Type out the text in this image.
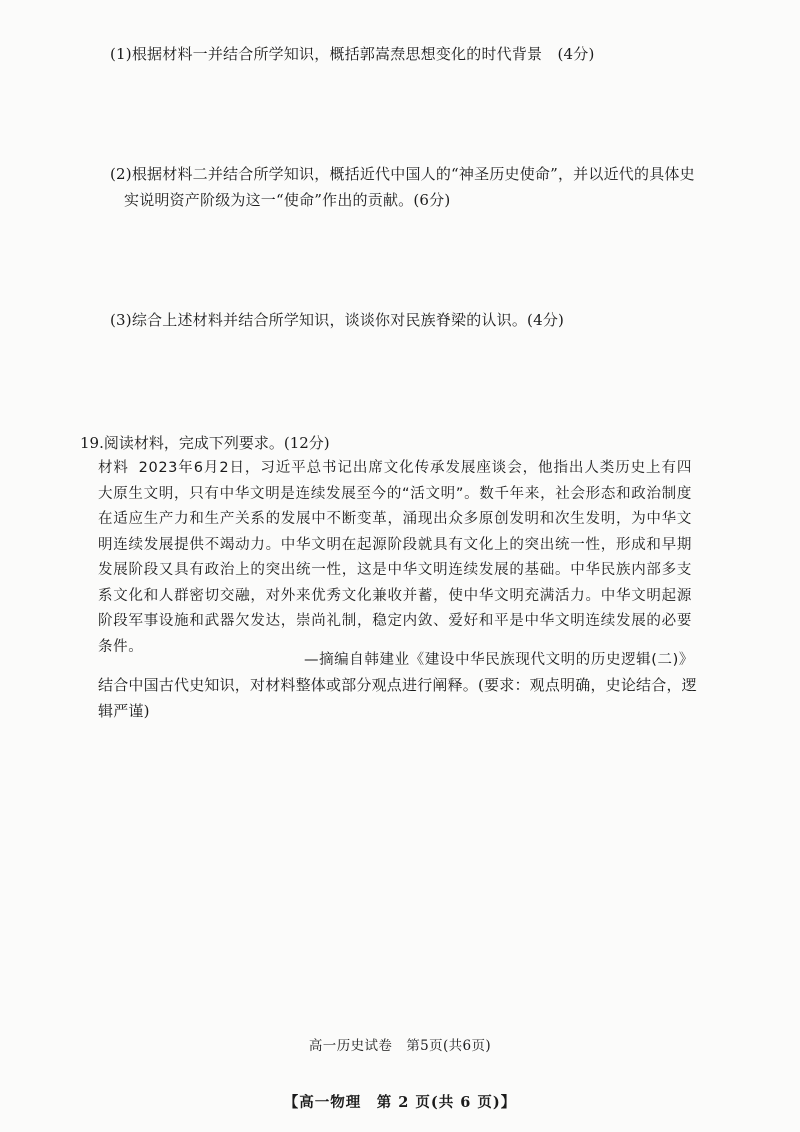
(1)根据材料一并结合所学知识，概括郭嵩焘思想变化的时代背景　(4分)
(2)根据材料二并结合所学知识，概括近代中国人的“神圣历史使命”，并以近代的具体史
实说明资产阶级为这一“使命”作出的贡献。(6分)
(3)综合上述材料并结合所学知识，谈谈你对民族脊梁的认识。(4分)
19.阅读材料，完成下列要求。(12分)
材料 2023年6月2日，习近平总书记出席文化传承发展座谈会，他指出人类历史上有四大原生文明，只有中华文明是连续发展至今的“活文明”。数千年来，社会形态和政治制度在适应生产力和生产关系的发展中不断变革，涌现出众多原创发明和次生发明，为中华文明连续发展提供不竭动力。中华文明在起源阶段就具有文化上的突出统一性，形成和早期发展阶段又具有政治上的突出统一性，这是中华文明连续发展的基础。中华民族内部多支系文化和人群密切交融，对外来优秀文化兼收并蓄，使中华文明充满活力。中华文明起源阶段军事设施和武器欠发达，崇尚礼制，稳定内敛、爱好和平是中华文明连续发展的必要条件。
—摘编自韩建业《建设中华民族现代文明的历史逻辑(二)》
结合中国古代史知识，对材料整体或部分观点进行阐释。(要求：观点明确，史论结合，逻辑严谨)
高一历史试卷　第5页(共6页)
【高一物理　第 2 页(共 6 页)】
